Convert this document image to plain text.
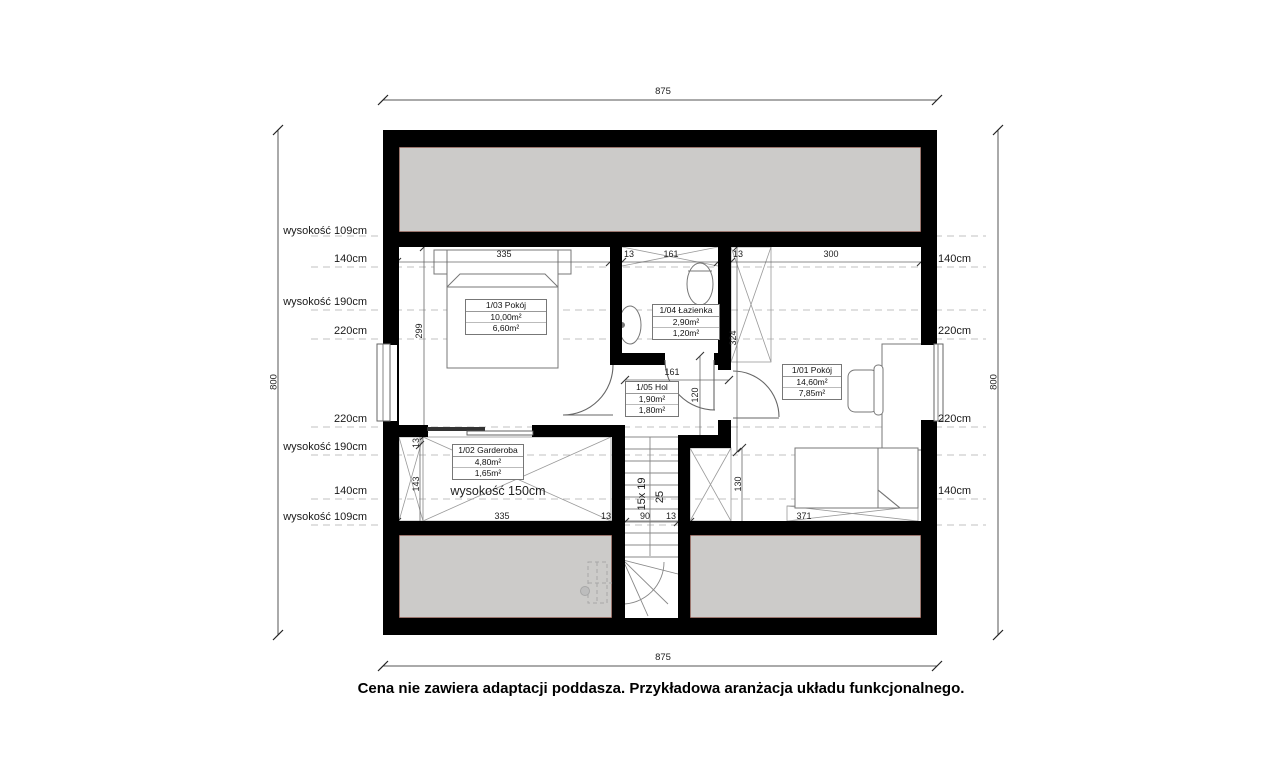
875
875
800	800
wysokość 109cm
140cm
wysokość 190cm
220cm
220cm
wysokość 190cm
140cm
wysokość 109cm
140cm
220cm
220cm
140cm
335	13	161	13	300
335	13	90 13	371
161
299	324
120
130
143
13
15x 19 25
wysokość 150cm
1/03 Pokój
10,00m²
6,60m²
1/04 Łazienka
2,90m²
1,20m²
1/05 Hol
1,90m²
1,80m²
1/01 Pokój
14,60m²
7,85m²
1/02 Garderoba
4,80m²
1,65m²
Cena nie zawiera adaptacji poddasza. Przykładowa aranżacja układu funkcjonalnego.
